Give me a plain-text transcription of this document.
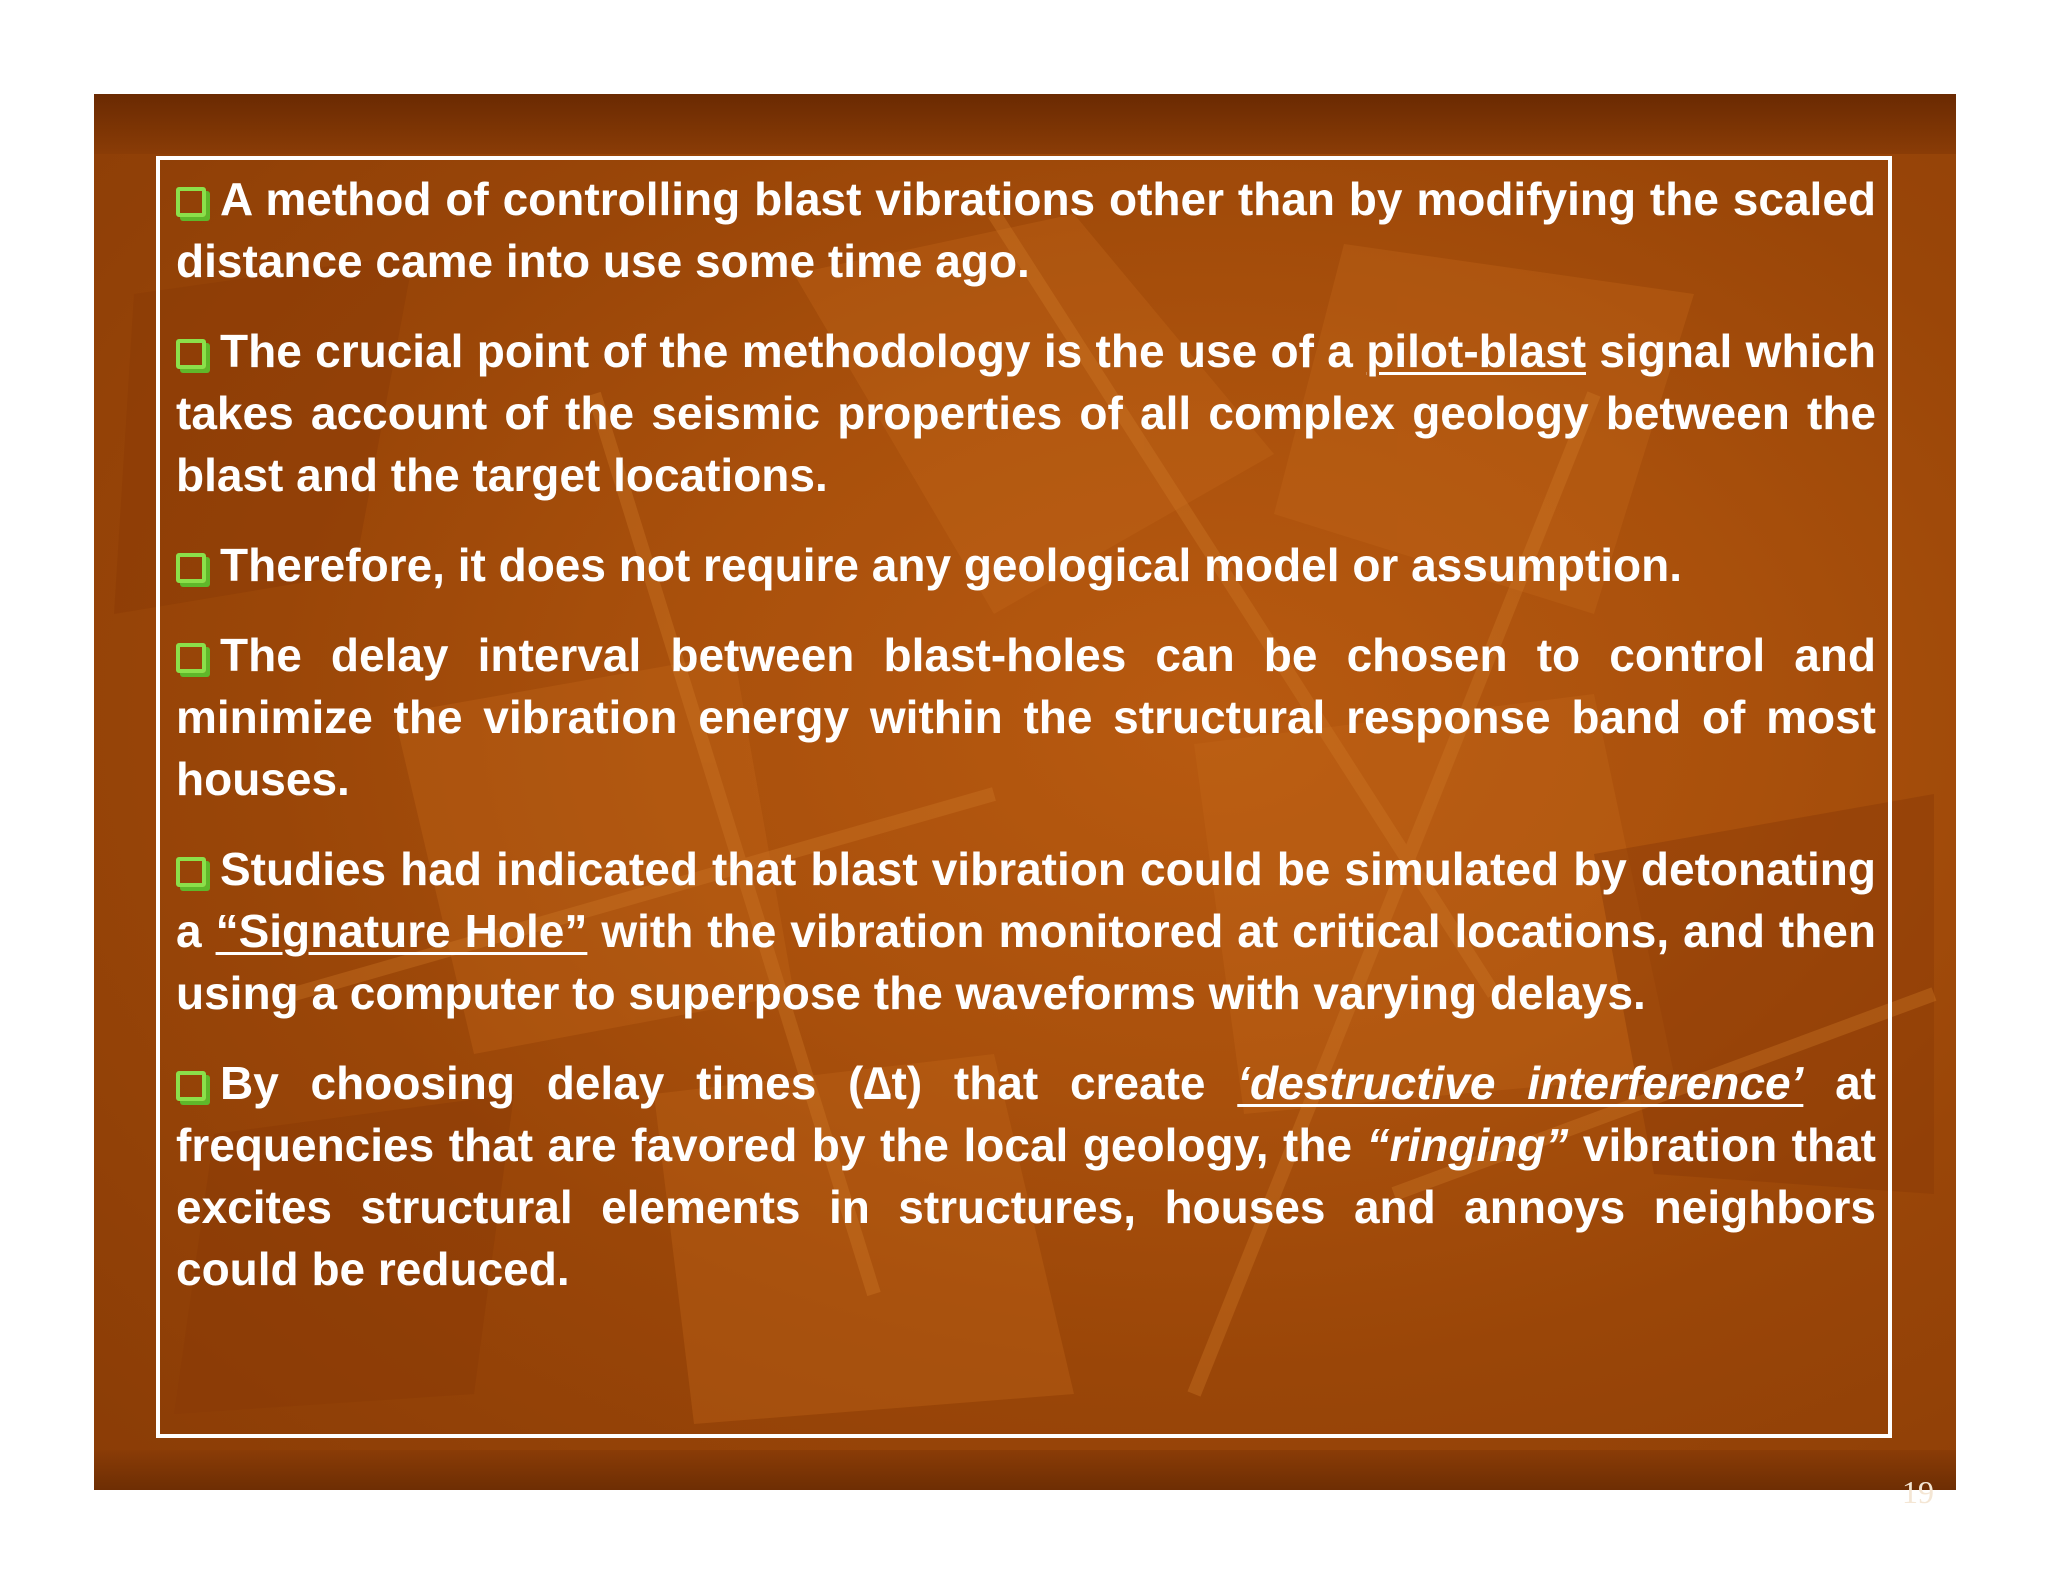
A method of controlling blast vibrations other than by modifying the scaled distance came into use some time ago.

The crucial point of the methodology is the use of a pilot-blast signal which takes account of the seismic properties of all complex geology between the blast and the target locations.

Therefore, it does not require any geological model or assumption.

The delay interval between blast-holes can be chosen to control and minimize the vibration energy within the structural response band of most houses.

Studies had indicated that blast vibration could be simulated by detonating a “Signature Hole” with the vibration monitored at critical locations, and then using a computer to superpose the waveforms with varying delays.

By choosing delay times (∆t) that create ‘destructive interference’ at frequencies that are favored by the local geology, the “ringing” vibration that excites structural elements in structures, houses and annoys neighbors could be reduced.

19
